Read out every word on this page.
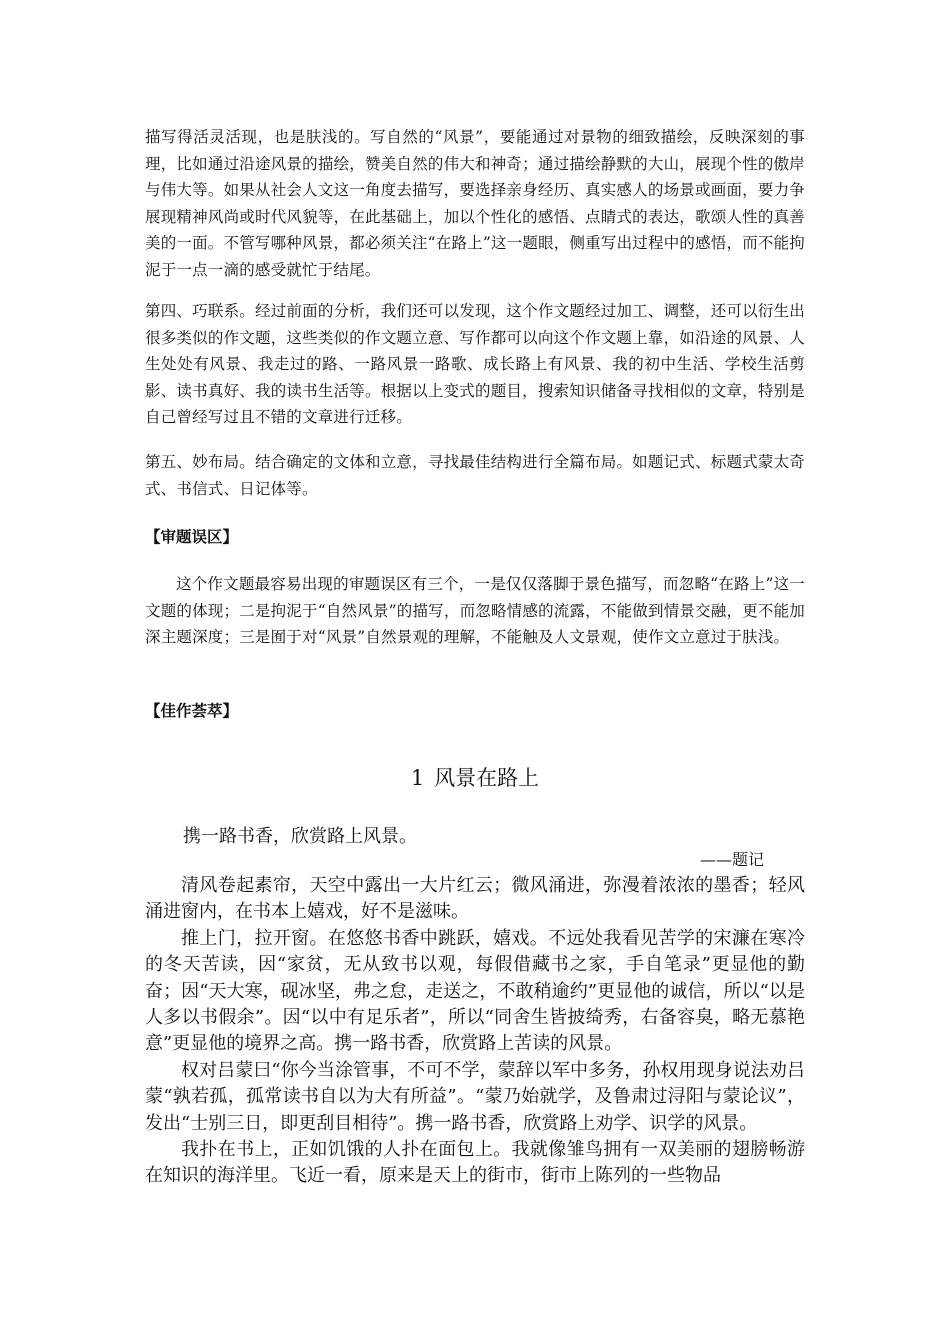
描写得活灵活现，也是肤浅的。写自然的“风景”，要能通过对景物的细致描绘，反映深刻的事理，比如通过沿途风景的描绘，赞美自然的伟大和神奇；通过描绘静默的大山，展现个性的傲岸与伟大等。如果从社会人文这一角度去描写，要选择亲身经历、真实感人的场景或画面，要力争展现精神风尚或时代风貌等，在此基础上，加以个性化的感悟、点睛式的表达，歌颂人性的真善美的一面。不管写哪种风景，都必须关注“在路上”这一题眼，侧重写出过程中的感悟，而不能拘泥于一点一滴的感受就忙于结尾。

第四、巧联系。经过前面的分析，我们还可以发现，这个作文题经过加工、调整，还可以衍生出很多类似的作文题，这些类似的作文题立意、写作都可以向这个作文题上靠，如沿途的风景、人生处处有风景、我走过的路、一路风景一路歌、成长路上有风景、我的初中生活、学校生活剪影、读书真好、我的读书生活等。根据以上变式的题目，搜索知识储备寻找相似的文章，特别是自己曾经写过且不错的文章进行迁移。

第五、妙布局。结合确定的文体和立意，寻找最佳结构进行全篇布局。如题记式、标题式蒙太奇式、书信式、日记体等。

【审题误区】

这个作文题最容易出现的审题误区有三个，一是仅仅落脚于景色描写，而忽略“在路上”这一文题的体现；二是拘泥于“自然风景”的描写，而忽略情感的流露，不能做到情景交融，更不能加深主题深度；三是囿于对“风景”自然景观的理解，不能触及人文景观，使作文立意过于肤浅。

【佳作荟萃】
1 风景在路上
携一路书香，欣赏路上风景。
——题记

清风卷起素帘，天空中露出一大片红云；微风涌进，弥漫着浓浓的墨香；轻风涌进窗内，在书本上嬉戏，好不是滋味。

推上门，拉开窗。在悠悠书香中跳跃，嬉戏。不远处我看见苦学的宋濂在寒冷的冬天苦读，因“家贫，无从致书以观，每假借藏书之家，手自笔录”更显他的勤奋；因“天大寒，砚冰坚，弗之怠，走送之，不敢稍逾约”更显他的诚信，所以“以是人多以书假余”。因“以中有足乐者”，所以“同舍生皆披绮秀，右备容臭，略无慕艳意”更显他的境界之高。携一路书香，欣赏路上苦读的风景。

权对吕蒙曰“你今当涂管事，不可不学，蒙辞以军中多务，孙权用现身说法劝吕蒙“孰若孤，孤常读书自以为大有所益”。“蒙乃始就学，及鲁肃过浔阳与蒙论议”，发出“士别三日，即更刮目相待”。携一路书香，欣赏路上劝学、识学的风景。

我扑在书上，正如饥饿的人扑在面包上。我就像雏鸟拥有一双美丽的翅膀畅游在知识的海洋里。飞近一看，原来是天上的街市，街市上陈列的一些物品
